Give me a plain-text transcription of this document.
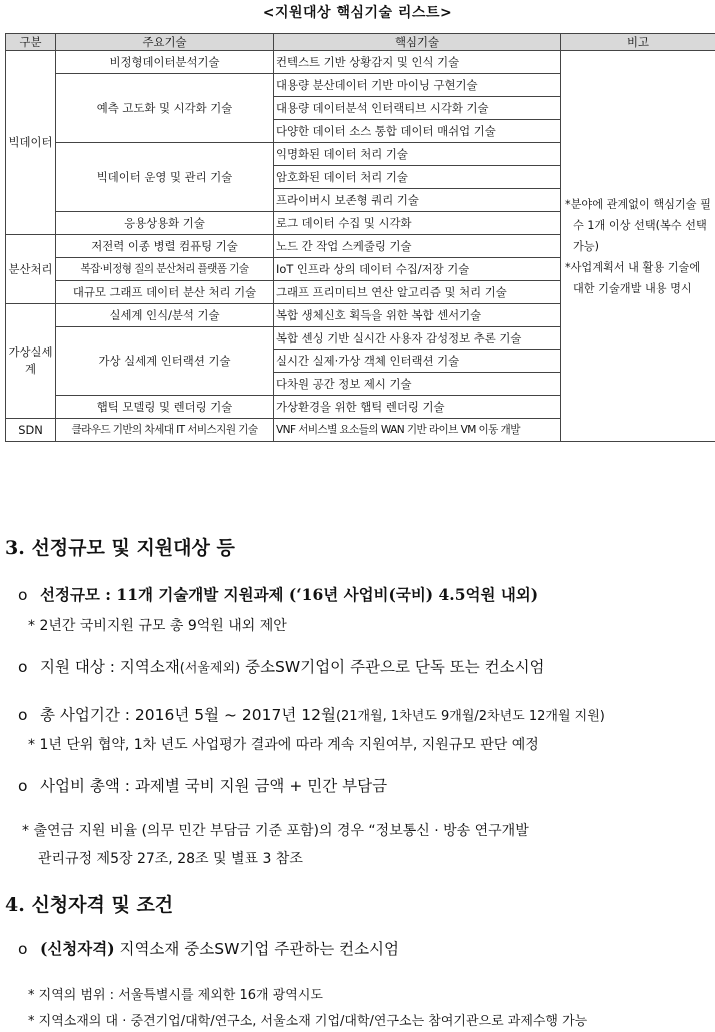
<지원대상 핵심기술 리스트>
구분	주요기술	핵심기술	비고
빅데이터	비정형데이터분석기술	컨텍스트 기반 상황감지 및 인식 기술	*분야에 관계없이 핵심기술 필수 1개 이상 선택(복수 선택 가능)

*사업계획서 내 활용 기술에 대한 기술개발 내용 명시

	예측 고도화 및 시각화 기술	대용량 분산데이터 기반 마이닝 구현기술	
		대용량 데이터분석 인터랙티브 시각화 기술	
		다양한 데이터 소스 통합 데이터 매쉬업 기술	
	빅데이터 운영 및 관리 기술	익명화된 데이터 처리 기술	
		암호화된 데이터 처리 기술	
		프라이버시 보존형 쿼리 기술	
	응용상용화 기술	로그 데이터 수집 및 시각화	
분산처리	저전력 이종 병렬 컴퓨팅 기술	노드 간 작업 스케줄링 기술	
	복잡·비정형 질의 분산처리 플랫폼 기술	IoT 인프라 상의 데이터 수집/저장 기술	
	대규모 그래프 데이터 분산 처리 기술	그래프 프리미티브 연산 알고리즘 및 처리 기술	
가상실세계	실세계 인식/분석 기술	복합 생체신호 획득을 위한 복합 센서기술	
	가상 실세계 인터랙션 기술	복합 센싱 기반 실시간 사용자 감성정보 추론 기술	
		실시간 실제·가상 객체 인터랙션 기술	
		다차원 공간 정보 제시 기술	
	햅틱 모델링 및 렌더링 기술	가상환경을 위한 햅틱 렌더링 기술	
SDN	클라우드 기반의 차세대 IT 서비스지원 기술	VNF 서비스별 요소들의 WAN 기반 라이브 VM 이동 개발	
3. 선정규모 및 지원대상 등
ο 선정규모 : 11개 기술개발 지원과제 (‘16년 사업비(국비) 4.5억원 내외)
* 2년간 국비지원 규모 총 9억원 내외 제안
ο 지원 대상 : 지역소재(서울제외) 중소SW기업이 주관으로 단독 또는 컨소시엄
ο 총 사업기간 : 2016년 5월 ~ 2017년 12월(21개월, 1차년도 9개월/2차년도 12개월 지원)
* 1년 단위 협약, 1차 년도 사업평가 결과에 따라 계속 지원여부, 지원규모 판단 예정
ο 사업비 총액 : 과제별 국비 지원 금액 + 민간 부담금
* 출연금 지원 비율 (의무 민간 부담금 기준 포함)의 경우 “정보통신 · 방송 연구개발
관리규정 제5장 27조, 28조 및 별표 3 참조
4. 신청자격 및 조건
ο (신청자격) 지역소재 중소SW기업 주관하는 컨소시엄
* 지역의 범위 : 서울특별시를 제외한 16개 광역시도
* 지역소재의 대 · 중견기업/대학/연구소, 서울소재 기업/대학/연구소는 참여기관으로 과제수행 가능
